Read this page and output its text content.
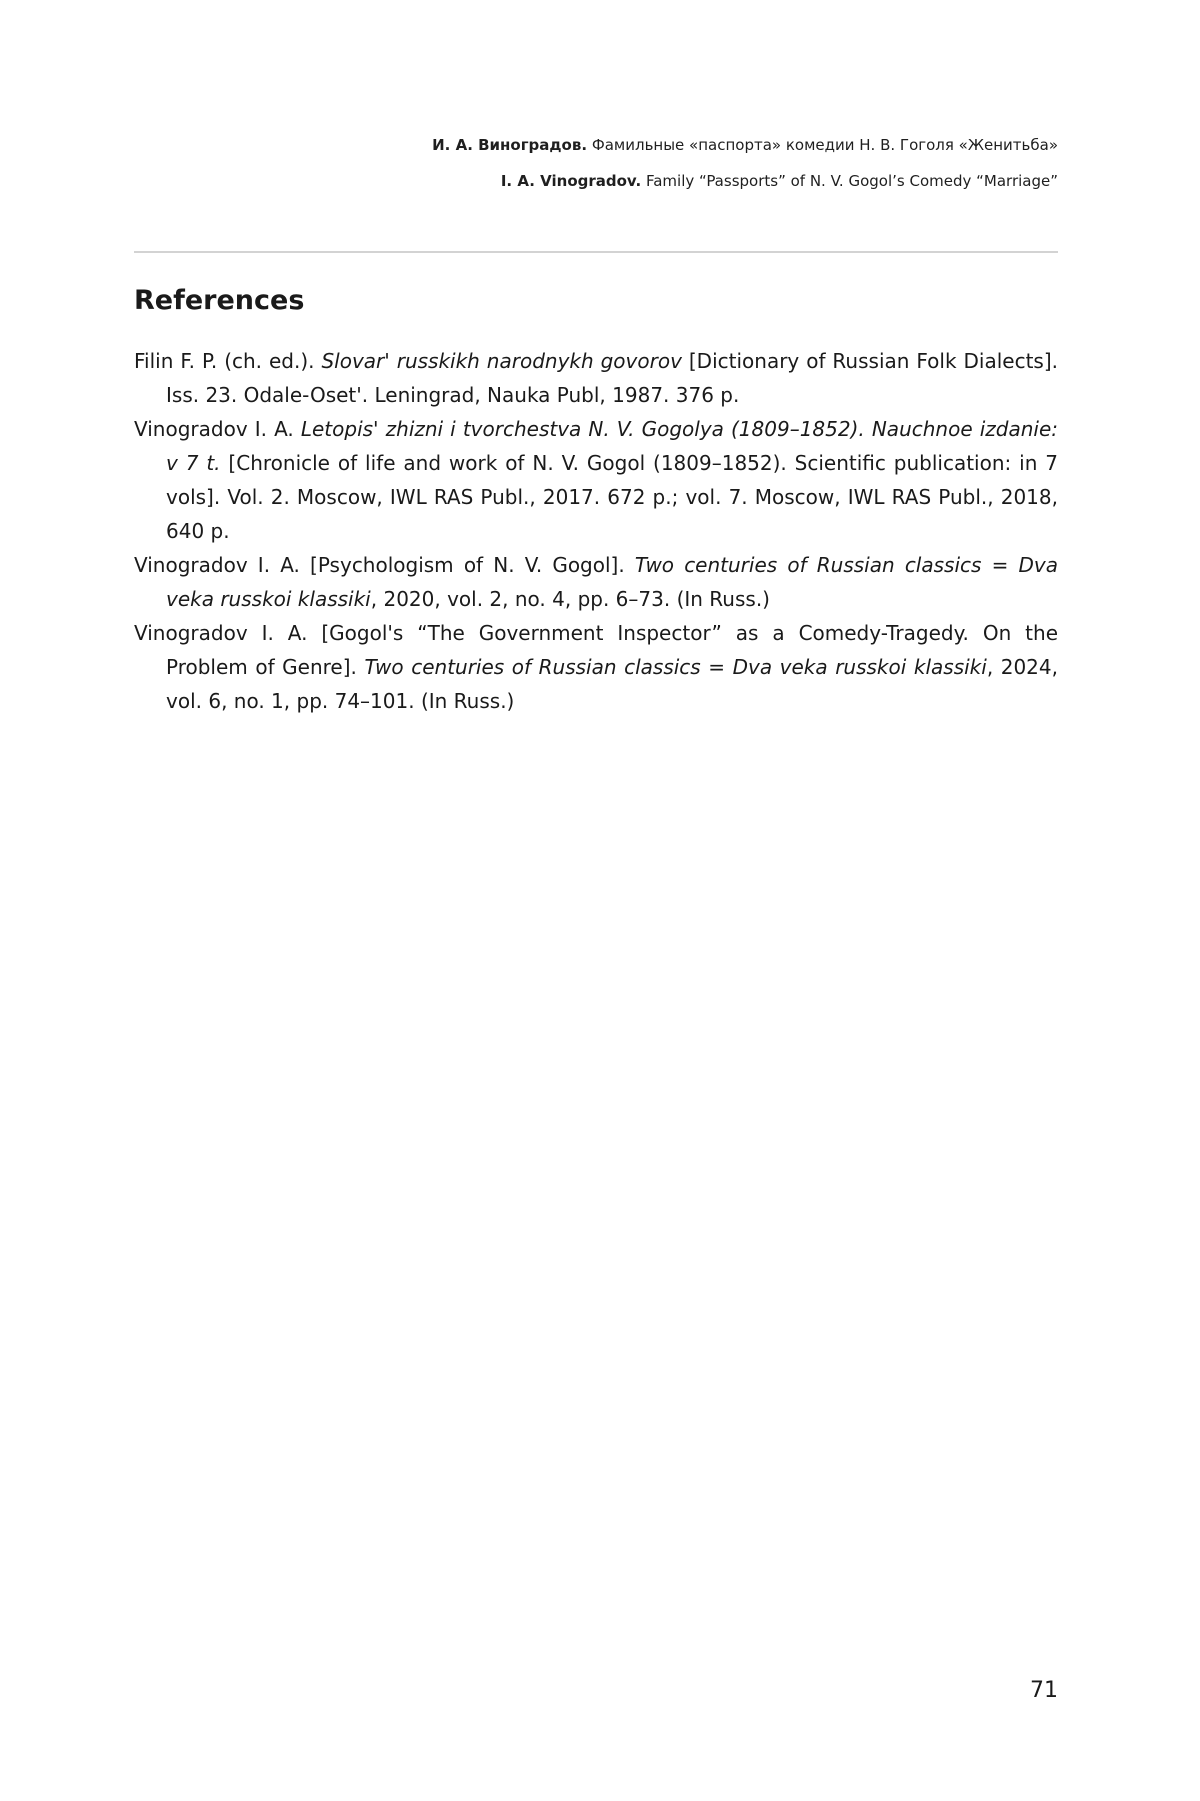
И. А. Виноградов. Фамильные «паспорта» комедии Н. В. Гоголя «Женитьба»
I. A. Vinogradov. Family “Passports” of N. V. Gogol’s Comedy “Marriage”
References
Filin F. P. (ch. ed.). Slovar' russkikh narodnykh govorov [Dictionary of Russian Folk Dialects]. Iss. 23. Odale-Oset'. Leningrad, Nauka Publ, 1987. 376 p.
Vinogradov I. A. Letopis' zhizni i tvorchestva N. V. Gogolya (1809–1852). Nauchnoe izdanie: v 7 t. [Chronicle of life and work of N. V. Gogol (1809–1852). Scientific publication: in 7 vols]. Vol. 2. Moscow, IWL RAS Publ., 2017. 672 p.; vol. 7. Moscow, IWL RAS Publ., 2018, 640 p.
Vinogradov I. A. [Psychologism of N. V. Gogol]. Two centuries of Russian classics = Dva veka russkoi klassiki, 2020, vol. 2, no. 4, pp. 6–73. (In Russ.)
Vinogradov I. A. [Gogol's “The Government Inspector” as a Comedy-Tragedy. On the Problem of Genre]. Two centuries of Russian classics = Dva veka russkoi klassiki, 2024, vol. 6, no. 1, pp. 74–101. (In Russ.)
71
